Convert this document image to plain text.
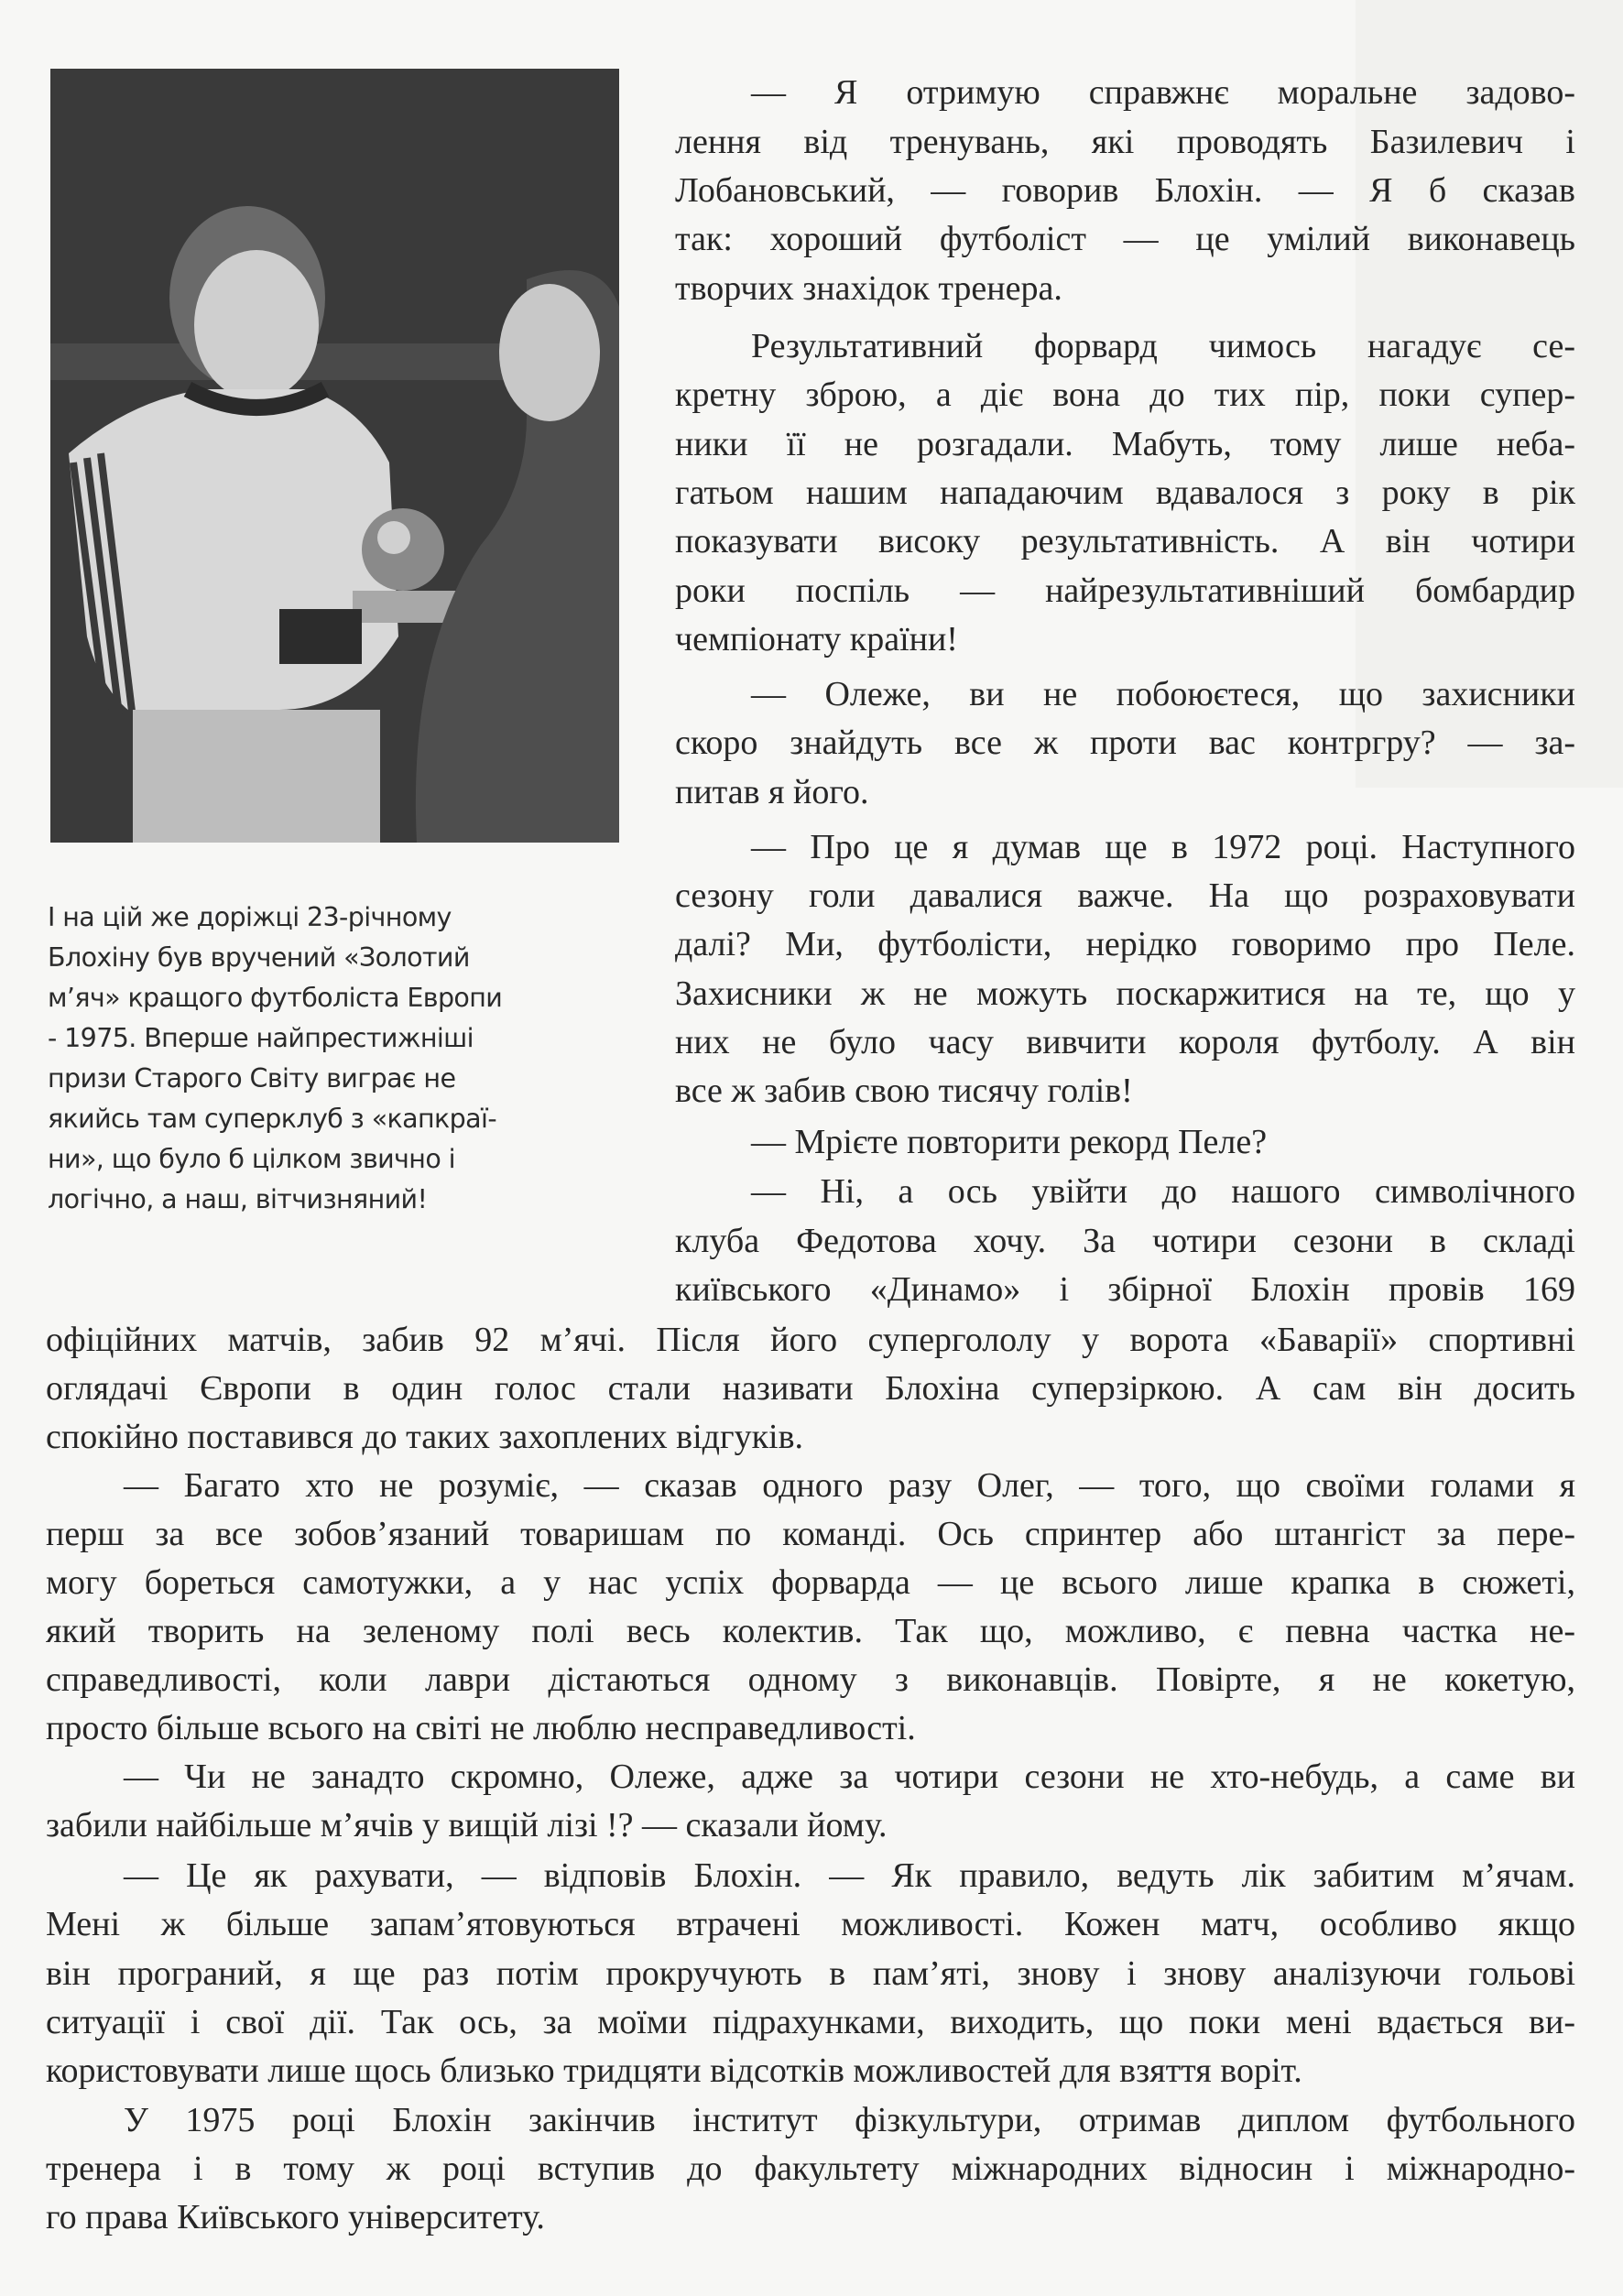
І на цій же доріжці 23-річному
Блохіну був вручений «Золотий
м’яч» кращого футболіста Европи
- 1975. Вперше найпрестижніші
призи Старого Світу виграє не
якийсь там суперклуб з «капкраї-
ни», що було б цілком звично і
логічно, а наш, вітчизняний!
— Я отримую справжнє моральне задово-
лення від тренувань, які проводять Базилевич і
Лобановський, — говорив Блохін. — Я б сказав
так: хороший футболіст — це умілий виконавець
творчих знахідок тренера.
Результативний форвард чимось нагадує се-
кретну зброю, а діє вона до тих пір, поки супер-
ники її не розгадали. Мабуть, тому лише неба-
гатьом нашим нападаючим вдавалося з року в рік
показувати високу результативність. А він чотири
роки поспіль — найрезультативніший бомбардир
чемпіонату країни!
— Олеже, ви не побоюєтеся, що захисники
скоро знайдуть все ж проти вас контргру? — за-
питав я його.
— Про це я думав ще в 1972 році. Наступного
сезону голи давалися важче. На що розраховувати
далі? Ми, футболісти, нерідко говоримо про Пеле.
Захисники ж не можуть поскаржитися на те, що у
них не було часу вивчити короля футболу. А він
все ж забив свою тисячу голів!
— Мрієте повторити рекорд Пеле?
— Ні, а ось увійти до нашого символічного
клуба Федотова хочу. За чотири сезони в складі
київського «Динамо» і збірної Блохін провів 169
офіційних матчів, забив 92 м’ячі. Після його супергололу у ворота «Баварії» спортивні
оглядачі Європи в один голос стали називати Блохіна суперзіркою. А сам він досить
спокійно поставився до таких захоплених відгуків.
— Багато хто не розуміє, — сказав одного разу Олег, — того, що своїми голами я
перш за все зобов’язаний товаришам по команді. Ось спринтер або штангіст за пере-
могу бореться самотужки, а у нас успіх форварда — це всього лише крапка в сюжеті,
який творить на зеленому полі весь колектив. Так що, можливо, є певна частка не-
справедливості, коли лаври дістаються одному з виконавців. Повірте, я не кокетую,
просто більше всього на світі не люблю несправедливості.
— Чи не занадто скромно, Олеже, адже за чотири сезони не хто-небудь, а саме ви
забили найбільше м’ячів у вищій лізі !? — сказали йому.
— Це як рахувати, — відповів Блохін. — Як правило, ведуть лік забитим м’ячам.
Мені ж більше запам’ятовуються втрачені можливості. Кожен матч, особливо якщо
він програний, я ще раз потім прокручують в пам’яті, знову і знову аналізуючи гольові
ситуації і свої дії. Так ось, за моїми підрахунками, виходить, що поки мені вдається ви-
користовувати лише щось близько тридцяти відсотків можливостей для взяття воріт.
У 1975 році Блохін закінчив інститут фізкультури, отримав диплом футбольного
тренера і в тому ж році вступив до факультету міжнародних відносин і міжнародно-
го права Київського університету.
